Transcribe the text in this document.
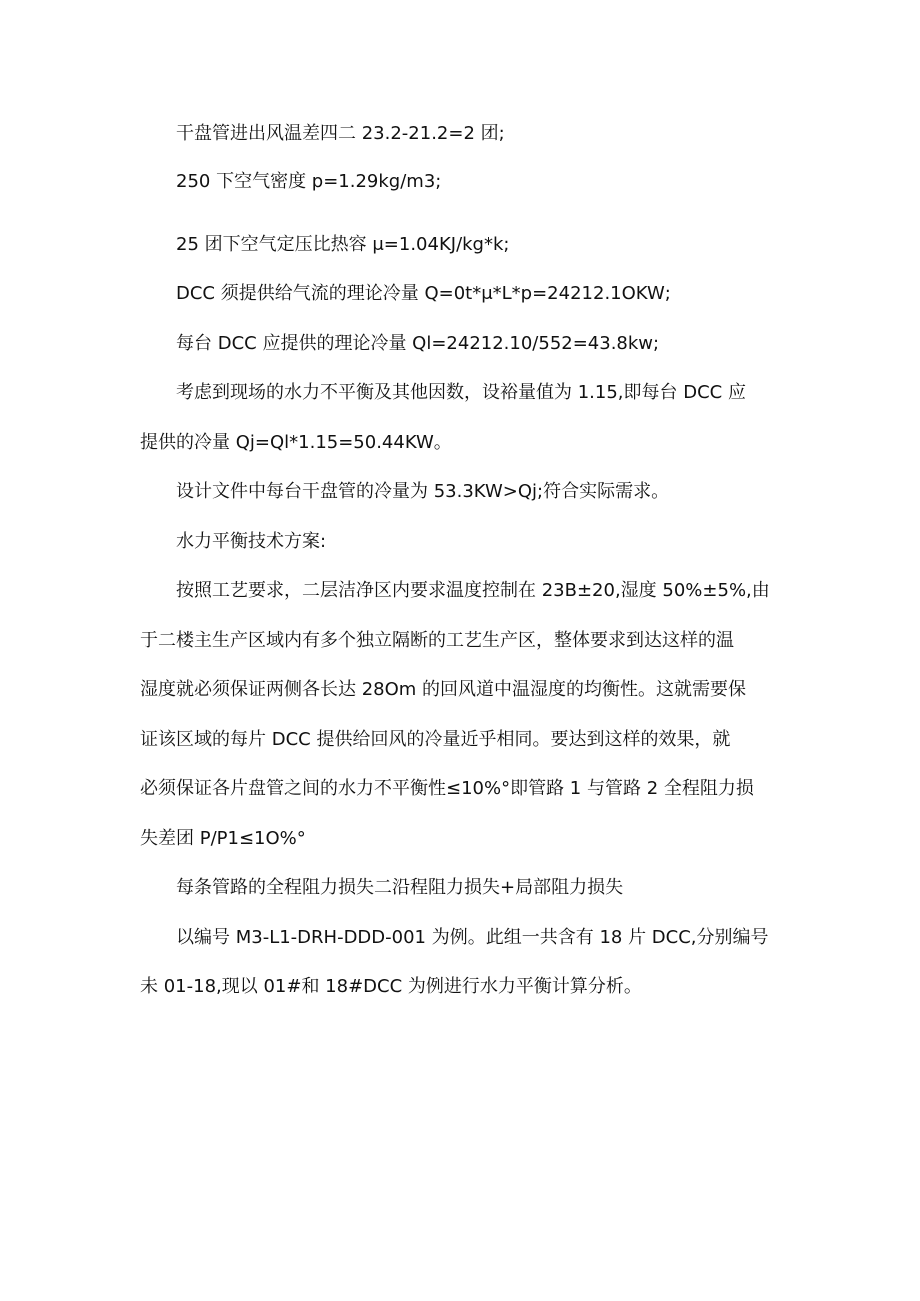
干盘管进出风温差四二 23.2-21.2=2 团;
250 下空气密度 p=1.29kg/m3;
25 团下空气定压比热容 μ=1.04KJ/kg*k;
DCC 须提供给气流的理论冷量 Q=0t*μ*L*p=24212.1OKW;
每台 DCC 应提供的理论冷量 Ql=24212.10/552=43.8kw;
考虑到现场的水力不平衡及其他因数，设裕量值为 1.15,即每台 DCC 应
提供的冷量 Qj=Ql*1.15=50.44KW。
设计文件中每台干盘管的冷量为 53.3KW>Qj;符合实际需求。
水力平衡技术方案:
按照工艺要求，二层洁净区内要求温度控制在 23B±20,湿度 50%±5%,由
于二楼主生产区域内有多个独立隔断的工艺生产区，整体要求到达这样的温
湿度就必须保证两侧各长达 28Om 的回风道中温湿度的均衡性。这就需要保
证该区域的每片 DCC 提供给回风的冷量近乎相同。要达到这样的效果，就
必须保证各片盘管之间的水力不平衡性≤10%°即管路 1 与管路 2 全程阻力损
失差团 P/P1≤1O%°
每条管路的全程阻力损失二沿程阻力损失+局部阻力损失
以编号 M3-L1-DRH-DDD-001 为例。此组一共含有 18 片 DCC,分别编号
未 01-18,现以 01#和 18#DCC 为例进行水力平衡计算分析。
